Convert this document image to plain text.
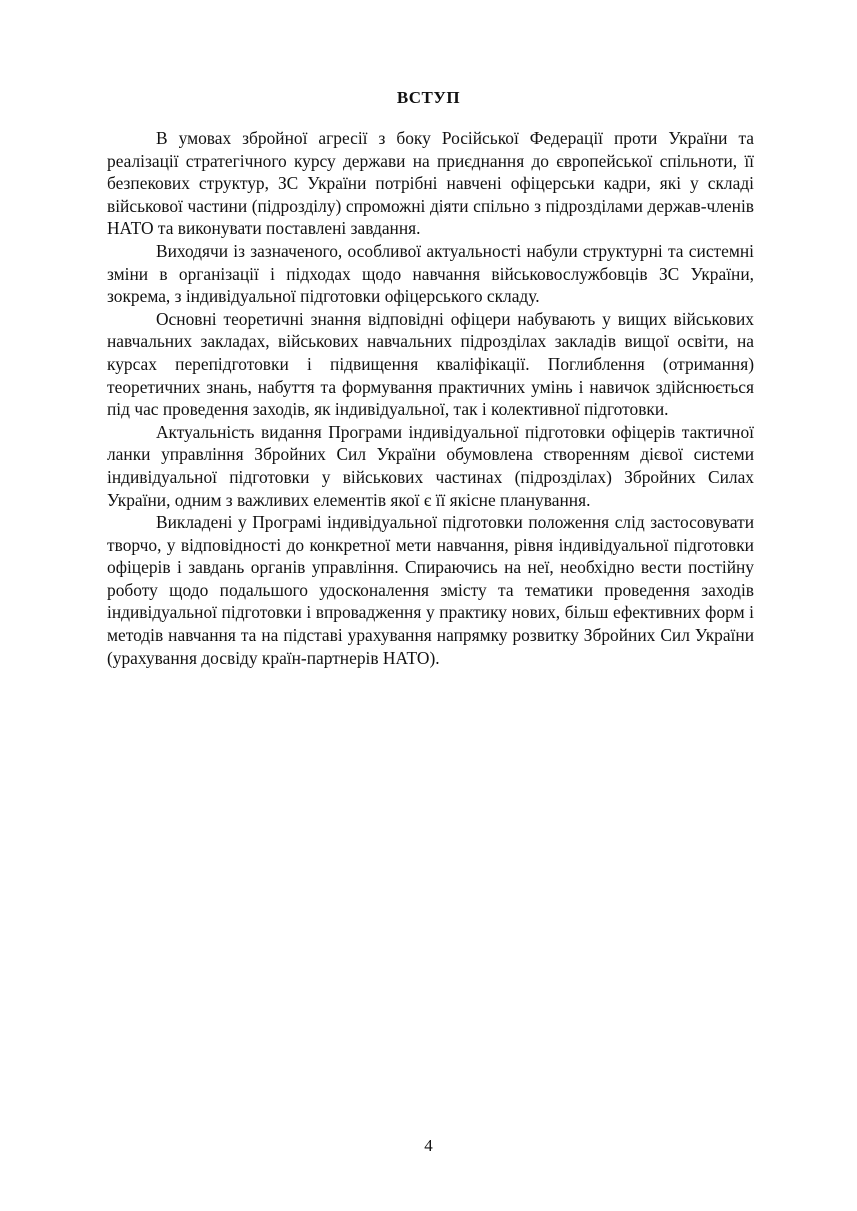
ВСТУП

В умовах збройної агресії з боку Російської Федерації проти України та реалізації стратегічного курсу держави на приєднання до європейської спільноти, її безпекових структур, ЗС України потрібні навчені офіцерськи кадри, які у складі військової частини (підрозділу) спроможні діяти спільно з підрозділами держав-членів НАТО та виконувати поставлені завдання.

Виходячи із зазначеного, особливої актуальності набули структурні та системні зміни в організації і підходах щодо навчання військовослужбовців ЗС України, зокрема, з індивідуальної підготовки офіцерського складу.

Основні теоретичні знання відповідні офіцери набувають у вищих військових навчальних закладах, військових навчальних підрозділах закладів вищої освіти, на курсах перепідготовки і підвищення кваліфікації. Поглиблення (отримання) теоретичних знань, набуття та формування практичних умінь і навичок здійснюється під час проведення заходів, як індивідуальної, так і колективної підготовки.

Актуальність видання Програми індивідуальної підготовки офіцерів тактичної ланки управління Збройних Сил України обумовлена створенням дієвої системи індивідуальної підготовки у військових частинах (підрозділах) Збройних Силах України, одним з важливих елементів якої є її якісне планування.

Викладені у Програмі індивідуальної підготовки положення слід застосовувати творчо, у відповідності до конкретної мети навчання, рівня індивідуальної підготовки офіцерів і завдань органів управління. Спираючись на неї, необхідно вести постійну роботу щодо подальшого удосконалення змісту та тематики проведення заходів індивідуальної підготовки і впровадження у практику нових, більш ефективних форм і методів навчання та на підставі урахування напрямку розвитку Збройних Сил України (урахування досвіду країн-партнерів НАТО).

4
